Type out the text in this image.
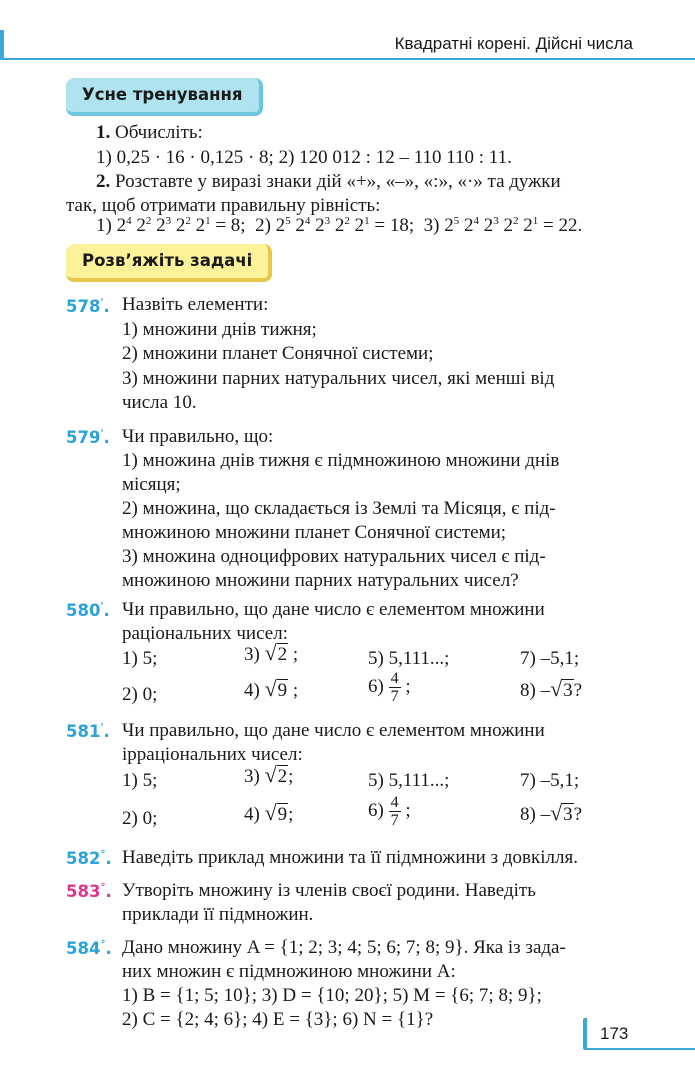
Квадратні корені. Дійсні числа
Усне тренування
1. Обчисліть:
1) 0,25 · 16 · 0,125 · 8; 2) 120 012 : 12 – 110 110 : 11.
2. Розставте у виразі знаки дій «+», «–», «:», «·» та дужки
так, щоб отримати правильну рівність:
1) $2^4$ $2^2$ $2^3$ $2^2$ $2^1 = 8$;  2) $2^5$ $2^4$ $2^3$ $2^2$ $2^1 = 18$;  3) $2^5$ $2^4$ $2^3$ $2^2$ $2^1 = 22$.
Розв’яжіть задачі
578'. Назвіть елементи:
1) множини днів тижня;
2) множини планет Сонячної системи;
3) множини парних натуральних чисел, які менші від
числа 10.
579'. Чи правильно, що:
1) множина днів тижня є підмножиною множини днів
місяця;
2) множина, що складається із Землі та Місяця, є під-
множиною множини планет Сонячної системи;
3) множина одноцифрових натуральних чисел є під-
множиною множини парних натуральних чисел?
580'. Чи правильно, що дане число є елементом множини
раціональних чисел:
1) 5;	3) √2 ;	5) 5,111...;	7) –5,1;
2) 0;	4) √9 ;	$6) \frac{4}{7}$ ;	8) –√3?
581'. Чи правильно, що дане число є елементом множини
ірраціональних чисел:
1) 5;	3) √2;	5) 5,111...;	7) –5,1;
2) 0;	4) √9;	$6) \frac{4}{7}$ ;	8) –√3?
582°. Наведіть приклад множини та її підмножини з довкілля.
583°. Утворіть множину із членів своєї родини. Наведіть
приклади її підмножин.
584°. Дано множину A = {1; 2; 3; 4; 5; 6; 7; 8; 9}. Яка із зада-
них множин є підмножиною множини A:
1) B = {1; 5; 10}; 3) D = {10; 20}; 5) M = {6; 7; 8; 9};
2) C = {2; 4; 6}; 4) E = {3}; 6) N = {1}?
173
